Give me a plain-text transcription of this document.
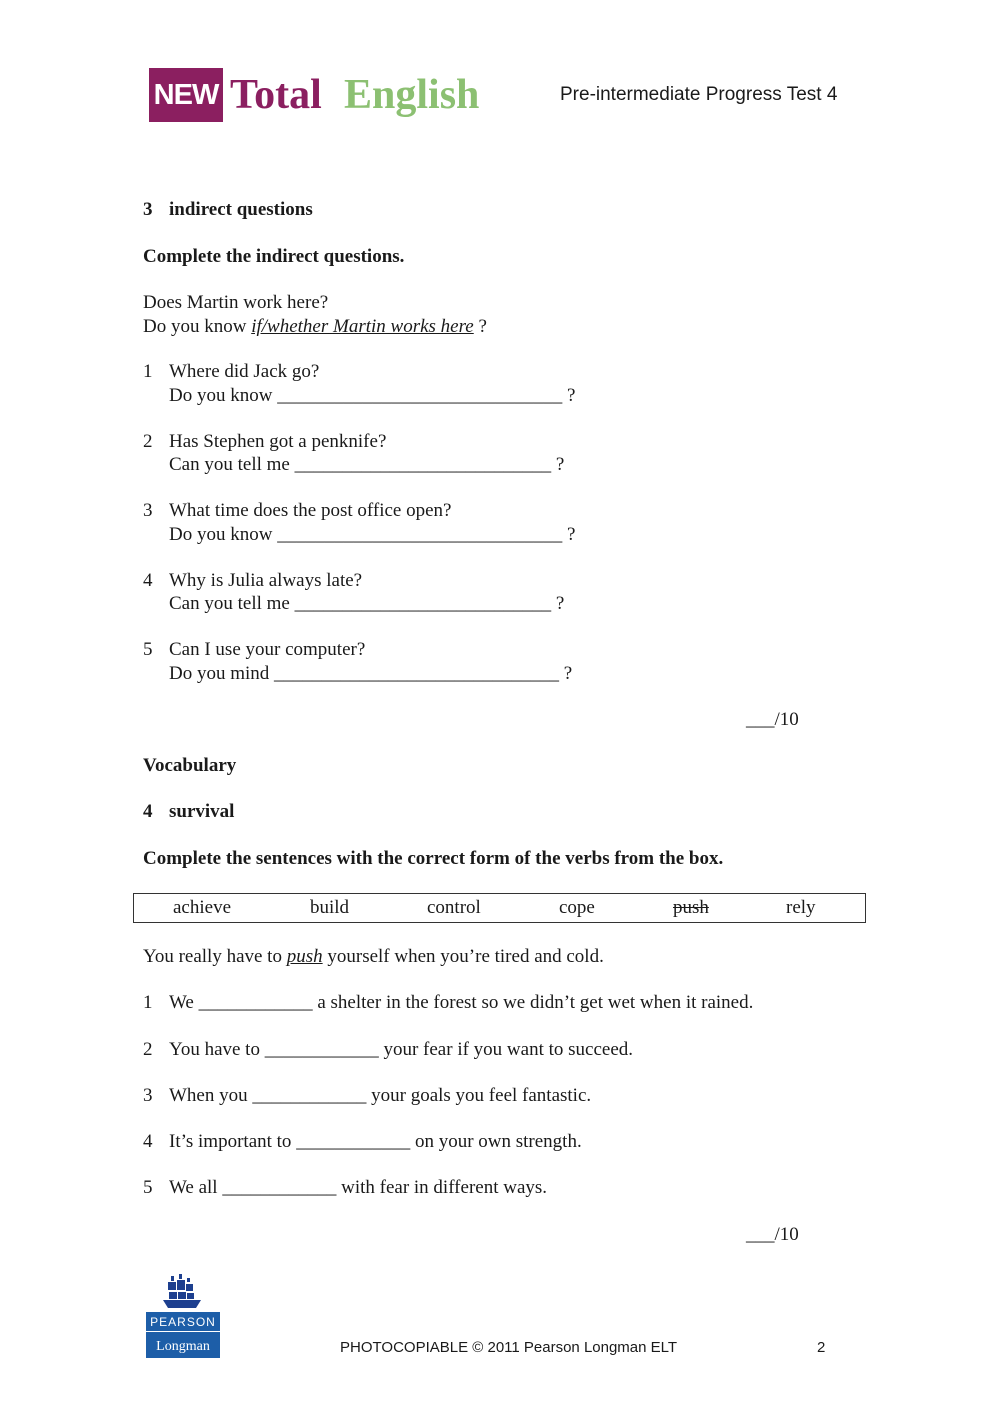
NEW Total English	Pre-intermediate Progress Test 4
3 indirect questions
Complete the indirect questions.
Does Martin work here?
Do you know if/whether Martin works here ?
1 Where did Jack go?
Do you know ______________________________ ?
2 Has Stephen got a penknife?
Can you tell me ___________________________ ?
3 What time does the post office open?
Do you know ______________________________ ?
4 Why is Julia always late?
Can you tell me ___________________________ ?
5 Can I use your computer?
Do you mind ______________________________ ?
___/10
Vocabulary
4 survival
Complete the sentences with the correct form of the verbs from the box.
achieve	build	control	cope	push	rely
You really have to push yourself when you’re tired and cold.
1 We ____________ a shelter in the forest so we didn’t get wet when it rained.
2 You have to ____________ your fear if you want to succeed.
3 When you ____________ your goals you feel fantastic.
4 It’s important to ____________ on your own strength.
5 We all ____________ with fear in different ways.
___/10
PEARSON
Longman	PHOTOCOPIABLE © 2011 Pearson Longman ELT	2
